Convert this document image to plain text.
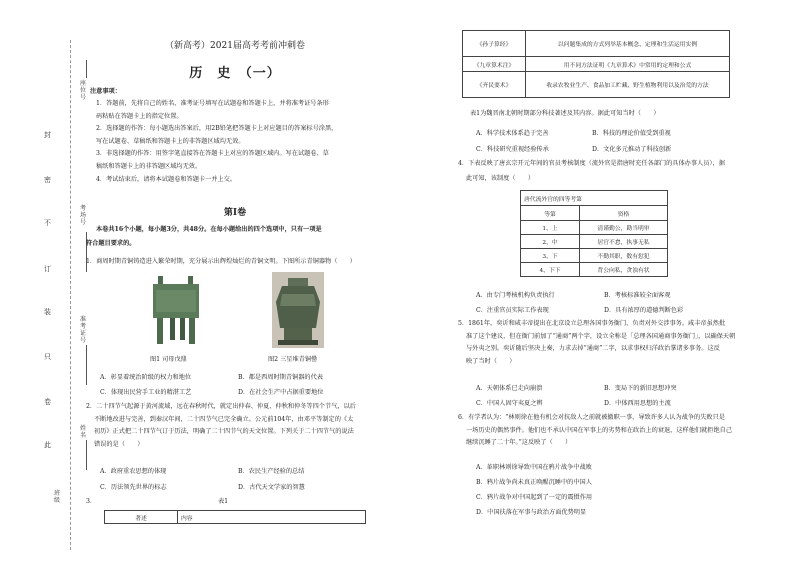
封
密
不
订
装
只
卷
此
座位号
考场号
准考证号
姓名
班级
（新高考）2021届高考考前冲刺卷
历　史　（一）
注意事项：
1．答题前，先将自己的姓名、准考证号填写在试题卷和答题卡上，并将准考证号条形
码粘贴在答题卡上的指定位置。
2．选择题的作答：每小题选出答案后，用2B铅笔把答题卡上对应题目的答案标号涂黑，
写在试题卷、草稿纸和答题卡上的非答题区域均无效。
3．非选择题的作答：用签字笔直接答在答题卡上对应的答题区域内。写在试题卷、草
稿纸和答题卡上的非答题区域均无效。
4．考试结束后，请将本试题卷和答题卡一并上交。
第Ⅰ卷
本卷共16个小题，每小题3分，共48分。在每小题给出的四个选项中，只有一项是
符合题目要求的。
1．商周时期青铜铸造进入繁荣时期，充分展示出辉煌灿烂的青铜文明。下图所示青铜器物（　　）
图1 司母戊鼎	图2 三星堆青铜罍
A．彰显着统治阶级的权力和地位	B．都是西周时期青铜器的代表
C．体现出民营手工业的精湛工艺	D．在社会生产中占据重要地位
2．二十四节气起源于黄河流域，远在春秋时代，就定出仲春、仲夏、仲秋和仲冬等四个节气，以后
不断地改进与完善，到秦汉年间，二十四节气已完全确立。公元前104年，由邓平等制定的《太
初历》正式把二十四节气订于历法，明确了二十四节气的天文位置。下列关于二十四节气的说法
错误的是（　　）
A．政府重农思想的体现	B．农民生产经验的总结
C．历法领先世界的标志	D．古代天文学家的智慧
3．	表1
著述	内容
《孙子算经》	以问题集成的方式列举基本概念、定理和生活运用实例
《九章算术注》	用不同方法证明《九章算术》中常用的定理和公式
《齐民要术》	收录农牧业生产、食品加工贮藏、野生植物利用以及治荒的方法
表1为魏晋南北朝时期部分科技著述及其内容。据此可知当时（　　）
A．科学技术体系趋于完善	B．科技的理论价值受到重视
C．科技研究重视经验传承	D．文化多元推动了科技创新
4．下表反映了唐玄宗开元年间的官员考核制度（流外官是指唐时充任各部门的具体办事人员），据
此可知，该制度（　　）
唐代流外官的四等考第	
等第	资格
1、上	清谨勤公，勘当明审
2、中	居官不怠，执事无私
3、下	不勤其职，数有愆犯
4、下下	背公向私，贪浊有状
A．由专门考核机构负责执行	B．考核标准较全面客观
C．注重官员实际工作表现	D．具有浓厚的道德判断色彩
5．1861年，奕䜣和咸丰帝提出在北京设立总理各国事务衙门，负责对外交涉事务。咸丰帝虽然批
准了这个建议，但在衙门前加了“通商”两个字，设立全称是「总理各国通商事务衙门」，以确保天朝
与外夷之别。奕䜣随后坚决上奏，力求去掉“通商”二字，以求事权归洋政治掌诸多事务。这反
映了当时（　　）
A．天朝体系已走向崩溃	B．变局下的新旧思想冲突
C．中国人固守夷夏之辨	D．中体西用思想的主流
6．有学者认为：“林则徐在他有机会对抗敌人之前就被撤职一事，导致许多人认为战争的失败只是
一场历史的偶然事件。他们也不承认中国在军事上的劣势和在政治上的衰退，这样他们就拒绝自己
继续沉睡了二十年。”这反映了（　　）
A．革职林则徐导致中国在鸦片战争中战败
B．鸦片战争尚未真正唤醒沉睡中的中国人
C．鸦片战争对中国起到了一定的震慑作用
D．中国扶落在军事与政治方面优势明显
